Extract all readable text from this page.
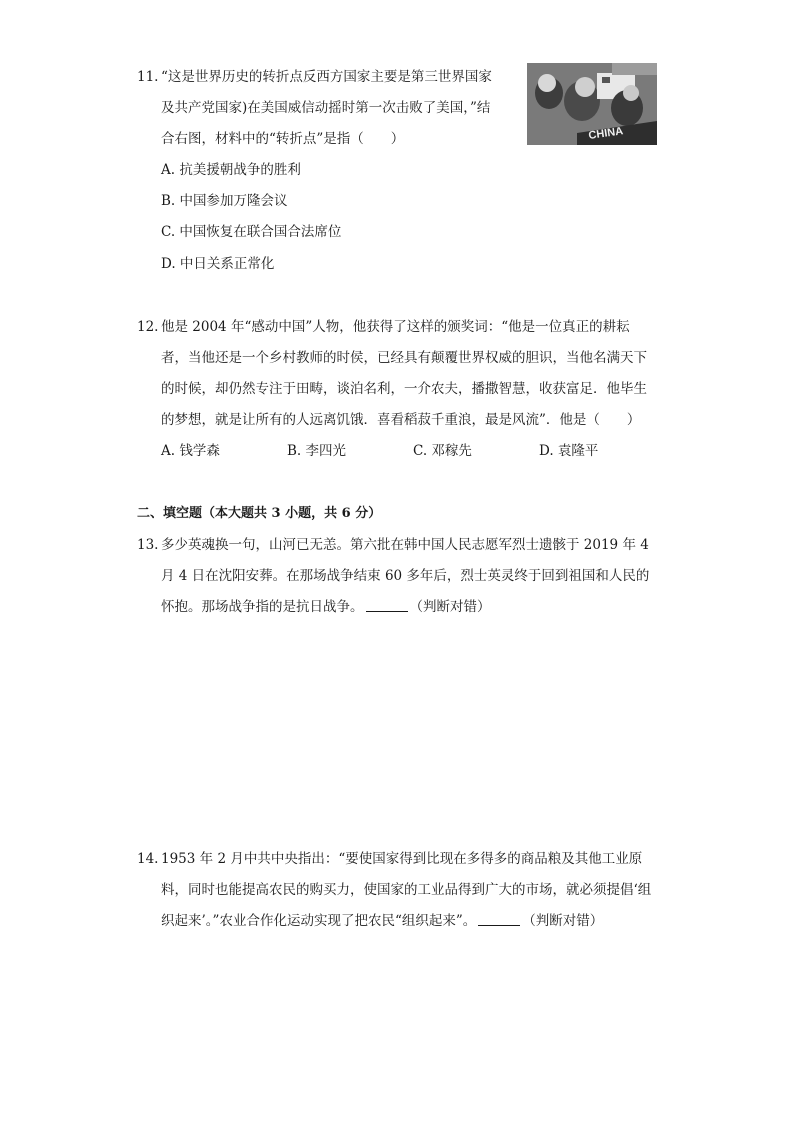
11. “这是世界历史的转折点反西方国家主要是第三世界国家
及共产党国家)在美国威信动摇时第一次击败了美国，”结
合右图，材料中的“转折点”是指（　　）	CHINA
A. 抗美援朝战争的胜利
B. 中国参加万隆会议
C. 中国恢复在联合国合法席位
D. 中日关系正常化
12. 他是 2004 年“感动中国”人物，他获得了这样的颁奖词：“他是一位真正的耕耘
者，当他还是一个乡村教师的时侯，已经具有颠覆世界权威的胆识，当他名满天下
的时候，却仍然专注于田畴，谈泊名利，一介农夫，播撒智慧，收获富足．他毕生
的梦想，就是让所有的人远离饥饿．喜看稻菽千重浪，最是风流”．他是（　　）
A. 钱学森	B. 李四光	C. 邓稼先	D. 袁隆平
二、填空题（本大题共 3 小题，共 6 分）
13. 多少英魂换一句，山河已无恙。第六批在韩中国人民志愿军烈士遗骸于 2019 年 4
月 4 日在沈阳安葬。在那场战争结束 60 多年后，烈士英灵终于回到祖国和人民的
怀抱。那场战争指的是抗日战争。	（判断对错）
14. 1953 年 2 月中共中央指出：“要使国家得到比现在多得多的商品粮及其他工业原
料，同时也能提高农民的购买力，使国家的工业品得到广大的市场，就必须提倡‘组
织起来’。”农业合作化运动实现了把农民“组织起来”。	（判断对错）
